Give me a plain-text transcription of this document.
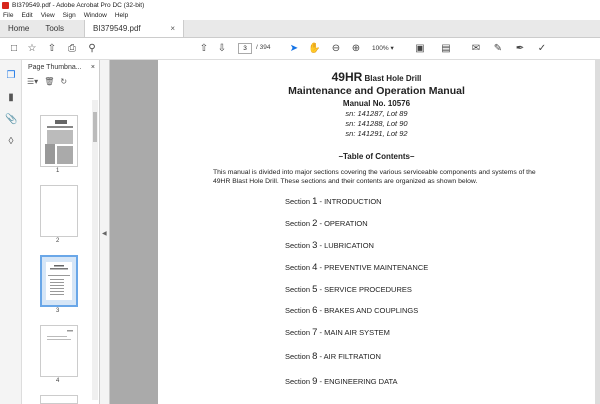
BI379549.pdf - Adobe Acrobat Pro DC (32-bit)
File Edit View Sign Window Help
Home	Tools	BI379549.pdf	×
□ ☆ ⇧ ⎙ ⚲	⇧ ⇩	3	/ 394 ➤ ✋ ⊖ ⊕ 100% ▾	▣ ▤ ✉ ✎ ✒ ✓
❐
▮
📎
◊
Page Thumbna... ×
☰▾ 🗑 ↻
1
2
3
4
◀
49HR Blast Hole Drill
Maintenance and Operation Manual
Manual No. 10576
sn: 141287, Lot 89
sn: 141288, Lot 90
sn: 141291, Lot 92
–Table of Contents–
This manual is divided into major sections covering the various serviceable components and systems of the 49HR Blast Hole Drill. These sections and their contents are organized as shown below.
Section 1 - INTRODUCTION
Section 2 - OPERATION
Section 3 - LUBRICATION
Section 4 - PREVENTIVE MAINTENANCE
Section 5 - SERVICE PROCEDURES
Section 6 - BRAKES AND COUPLINGS
Section 7 - MAIN AIR SYSTEM
Section 8 - AIR FILTRATION
Section 9 - ENGINEERING DATA
